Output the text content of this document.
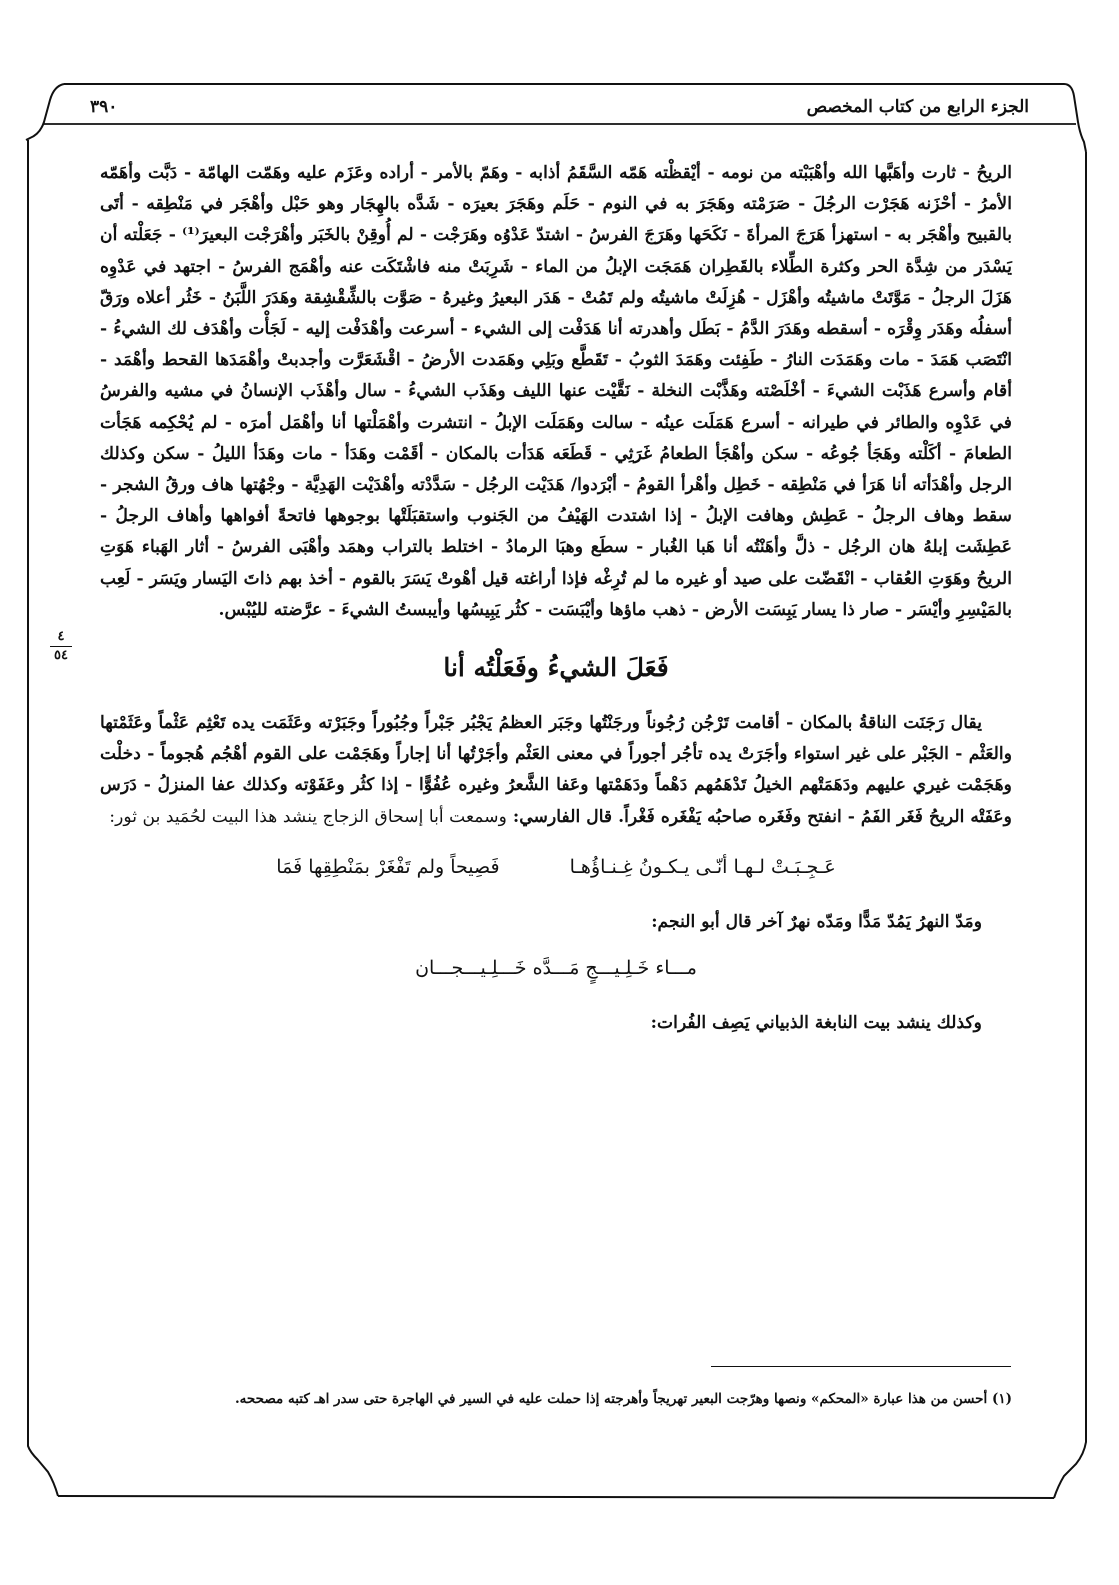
الجزء الرابع من كتاب المخصص
٣٩٠
٤
٥٤

الريحُ - ثارت وأهَبَّها الله وأهْبَبْته من نومه - أيْقظْته هَمّه السَّقَمُ أذابه - وهَمّ بالأمر - أراده وعَزَم عليه وهَمّت الهامّة - دَبَّت وأهَمّه الأمرُ - أحْزَنه هَجَرْت الرجُلَ - صَرَمْته وهَجَرَ به في النوم - حَلَم وهَجَرَ بعيرَه - شَدَّه بالهِجَار وهو حَبْل وأهْجَر في مَنْطِقه - أتَى بالقبيح وأهْجَر به - استهزأ هَرَجَ المرأةَ - نَكَحَها وهَرَجَ الفرسُ - اشتدّ عَدْوُه وهَرَجْت - لم أُوقِنْ بالخَبَر وأهْرَجْت البعيرَ⁽¹⁾ - جَعَلْته أن يَسْدَر من شِدَّة الحر وكثرة الطِّلاء بالقَطِران هَمَجَت الإبلُ من الماء - شَرِبَتْ منه فاشْتَكَت عنه وأهْمَج الفرسُ - اجتهد في عَدْوِه هَزَلَ الرجلُ - مَوَّتَتْ ماشيتُه وأهْزَل - هُزِلَتْ ماشيتُه ولم تَمُتْ - هَدَر البعيرُ وغيرهُ - صَوَّت بالشِّقْشِقة وهَدَرَ اللَّبَنُ - خَثُر أعلاه ورَقّ أسفلُه وهَدَر وِقْرَه - أسقطه وهَدَرَ الدَّمُ - بَطَل وأهدرته أنا هَدَفْت إلى الشيء - أسرعت وأهْدَفْت إليه - لَجَأْت وأهْدَف لك الشيءُ - انْتَصَب هَمَدَ - مات وهَمَدَت النارُ - طَفِئت وهَمَدَ الثوبُ - تَقَطَّع وبَلِي وهَمَدت الأرضُ - اقْشَعَرَّت وأجدبتْ وأهْمَدَها القحط وأهْمَد - أقام وأسرع هَذَبْت الشيءَ - أخْلَصْته وهَذَّبْت النخلة - نَقَّيْت عنها الليف وهَذَب الشيءُ - سال وأهْذَب الإنسانُ في مشيه والفرسُ في عَدْوِه والطائر في طيرانه - أسرع هَمَلَت عينُه - سالت وهَمَلَت الإبلُ - انتشرت وأهْمَلْتها أنا وأهْمَل أمرَه - لم يُحْكِمه هَجَأت الطعامَ - أكَلْته وهَجَأ جُوعُه - سكن وأهْجَأ الطعامُ غَرَثِي - قَطَعَه هَدَأت بالمكان - أقَمْت وهَدَأ - مات وهَدَأ الليلُ - سكن وكذلك الرجل وأهْدَأته أنا هَرَأ في مَنْطِقه - خَطِل وأهْرأ القومُ - أبْرَدوا/ هَدَيْت الرجُل - سَدَّدْته وأهْدَيْت الهَدِيَّة - وجْهُتها هاف ورقُ الشجر - سقط وهاف الرجلُ - عَطِش وهافت الإبلُ - إذا اشتدت الهَيْفُ من الجَنوب واستقبَلَتْها بوجوهها فاتحةً أفواهها وأهاف الرجلُ - عَطِشَت إبلهُ هان الرجُل - ذلَّ وأهَنْتُه أنا هَبا الغُبار - سطَع وهبَا الرمادُ - اختلط بالتراب وهمَد وأهْبَى الفرسُ - أثار الهَباء هَوَتِ الريحُ وهَوَتِ العُقاب - انْقَضّت على صيد أو غيره ما لم تُرِغْه فإذا أراغته قيل أهْوتْ يَسَرَ بالقوم - أخذ بهم ذاتَ اليَسار ويَسَر - لَعِب بالمَيْسِرِ وأيْسَر - صار ذا يسار يَبِسَت الأرض - ذهب ماؤها وأيْبَسَت - كثُر يَبِيسُها وأيبستُ الشيءَ - عرَّضته لليُبْس.

فَعَلَ الشيءُ وفَعَلْتُه أنا

يقال رَجَنَت الناقةُ بالمكان - أقامت تَرْجُن رُجُوناً ورجَنْتُها وجَبَر العظمُ يَجْبُر جَبْراً وجُبُوراً وجَبَرْته وعَثَمَت يده تَعْثِم عَثْماً وعَثَمْتها والعَثْم - الجَبْر على غير استواء وأجَرَتْ يده تأجُر أجوراً في معنى العَثْم وأجَرْتُها أنا إجاراً وهَجَمْت على القوم أهْجُم هُجوماً - دخلْت وهَجَمْت غيري عليهم ودَهَمَتْهم الخيلُ تَدْهَمُهم دَهْماً ودَهَمْتها وعَفا الشَّعرُ وغيره عُفُوًّا - إذا كثُر وعَفَوْته وكذلك عفا المنزلُ - دَرَس وعَفَتْه الريحُ فَغَر الفَمُ - انفتح وفَغَره صاحبُه يَفْغَره فَغْراً. قال الفارسي: وسمعت أبا إسحاق الزجاج ينشد هذا البيت لحُمَيد بن ثور:

عَـجِـبَـتْ لـهـا أنّـى يـكـونُ غِـنـاؤُهـا
فَصِيحاً ولم تَفْغَرْ بمَنْطِقِها فَمَا

ومَدّ النهرُ يَمُدّ مَدًّا ومَدّه نهرٌ آخر قال أبو النجم:

مـــاء خَـلِـيـــجٍ مَـــدَّه خَـــلِـيـــجـــان

وكذلك ينشد بيت النابغة الذبياني يَصِف الفُرات:

(١) أحسن من هذا عبارة «المحكم» ونصها وهرّجت البعير تهريجاً وأهرجته إذا حملت عليه في السير في الهاجرة حتى سدر اهـ كتبه مصححه.
